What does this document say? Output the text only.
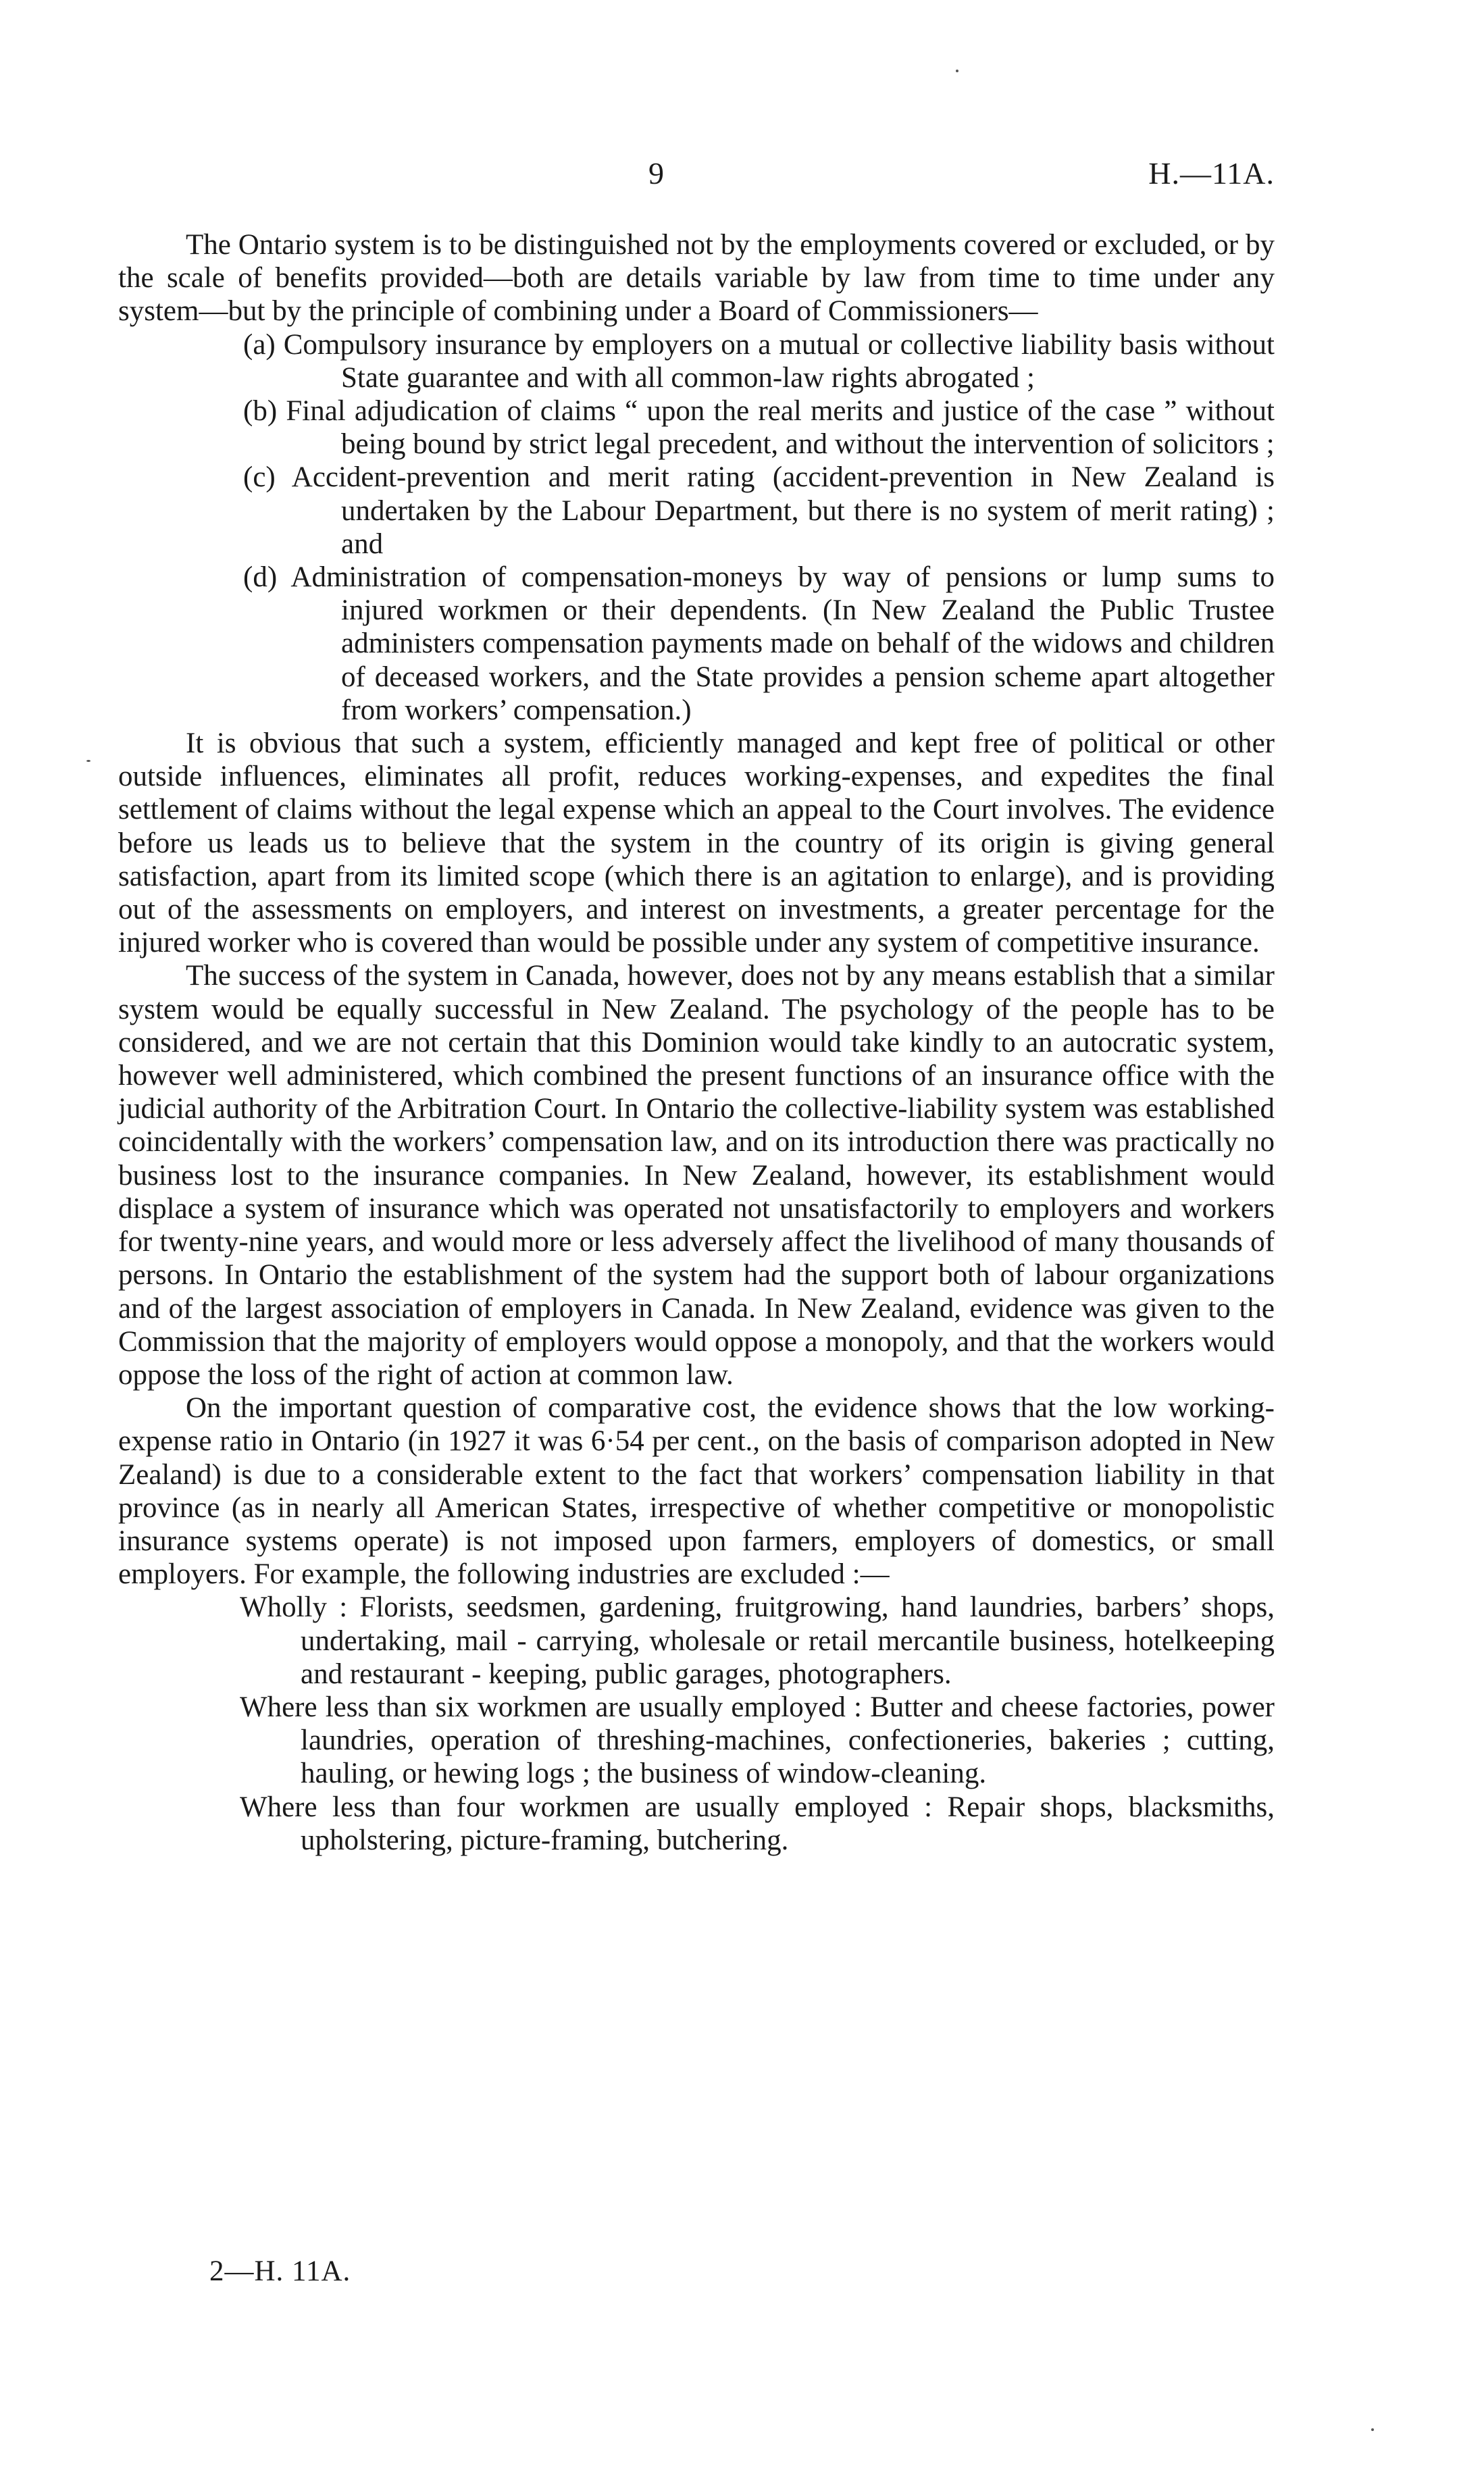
9	H.—11A.

The Ontario system is to be distinguished not by the employments covered or excluded, or by the scale of benefits provided—both are details variable by law from time to time under any system—but by the principle of combining under a Board of Commissioners—

(a) Compulsory insurance by employers on a mutual or collective liability basis without State guarantee and with all common-law rights abrogated ;

(b) Final adjudication of claims “ upon the real merits and justice of the case ” without being bound by strict legal precedent, and without the intervention of solicitors ;

(c) Accident-prevention and merit rating (accident-prevention in New Zealand is undertaken by the Labour Department, but there is no system of merit rating) ; and

(d) Administration of compensation-moneys by way of pensions or lump sums to injured workmen or their dependents. (In New Zealand the Public Trustee administers compensation payments made on behalf of the widows and children of deceased workers, and the State provides a pension scheme apart altogether from workers’ compensation.)

It is obvious that such a system, efficiently managed and kept free of political or other outside influences, eliminates all profit, reduces working-expenses, and expedites the final settlement of claims without the legal expense which an appeal to the Court involves. The evidence before us leads us to believe that the system in the country of its origin is giving general satisfaction, apart from its limited scope (which there is an agitation to enlarge), and is providing out of the assessments on employers, and interest on investments, a greater percentage for the injured worker who is covered than would be possible under any system of competitive insurance.

The success of the system in Canada, however, does not by any means establish that a similar system would be equally successful in New Zealand. The psychology of the people has to be considered, and we are not certain that this Dominion would take kindly to an autocratic system, however well administered, which combined the present functions of an insurance office with the judicial authority of the Arbitration Court. In Ontario the collective-liability system was established coincidentally with the workers’ compensation law, and on its introduction there was practically no business lost to the insurance companies. In New Zealand, however, its establishment would displace a system of insurance which was operated not unsatisfactorily to employers and workers for twenty-nine years, and would more or less adversely affect the livelihood of many thousands of persons. In Ontario the establishment of the system had the support both of labour organizations and of the largest association of employers in Canada. In New Zealand, evidence was given to the Commission that the majority of employers would oppose a monopoly, and that the workers would oppose the loss of the right of action at common law.

On the important question of comparative cost, the evidence shows that the low working-expense ratio in Ontario (in 1927 it was 6·54 per cent., on the basis of comparison adopted in New Zealand) is due to a considerable extent to the fact that workers’ compensation liability in that province (as in nearly all American States, irrespective of whether competitive or monopolistic insurance systems operate) is not imposed upon farmers, employers of domestics, or small employers. For example, the following industries are excluded :—

Wholly : Florists, seedsmen, gardening, fruitgrowing, hand laundries, barbers’ shops, undertaking, mail - carrying, wholesale or retail mercantile business, hotelkeeping and restaurant - keeping, public garages, photographers.

Where less than six workmen are usually employed : Butter and cheese factories, power laundries, operation of threshing-machines, confectioneries, bakeries ; cutting, hauling, or hewing logs ; the business of window-cleaning.

Where less than four workmen are usually employed : Repair shops, blacksmiths, upholstering, picture-framing, butchering.

2—H. 11A.
